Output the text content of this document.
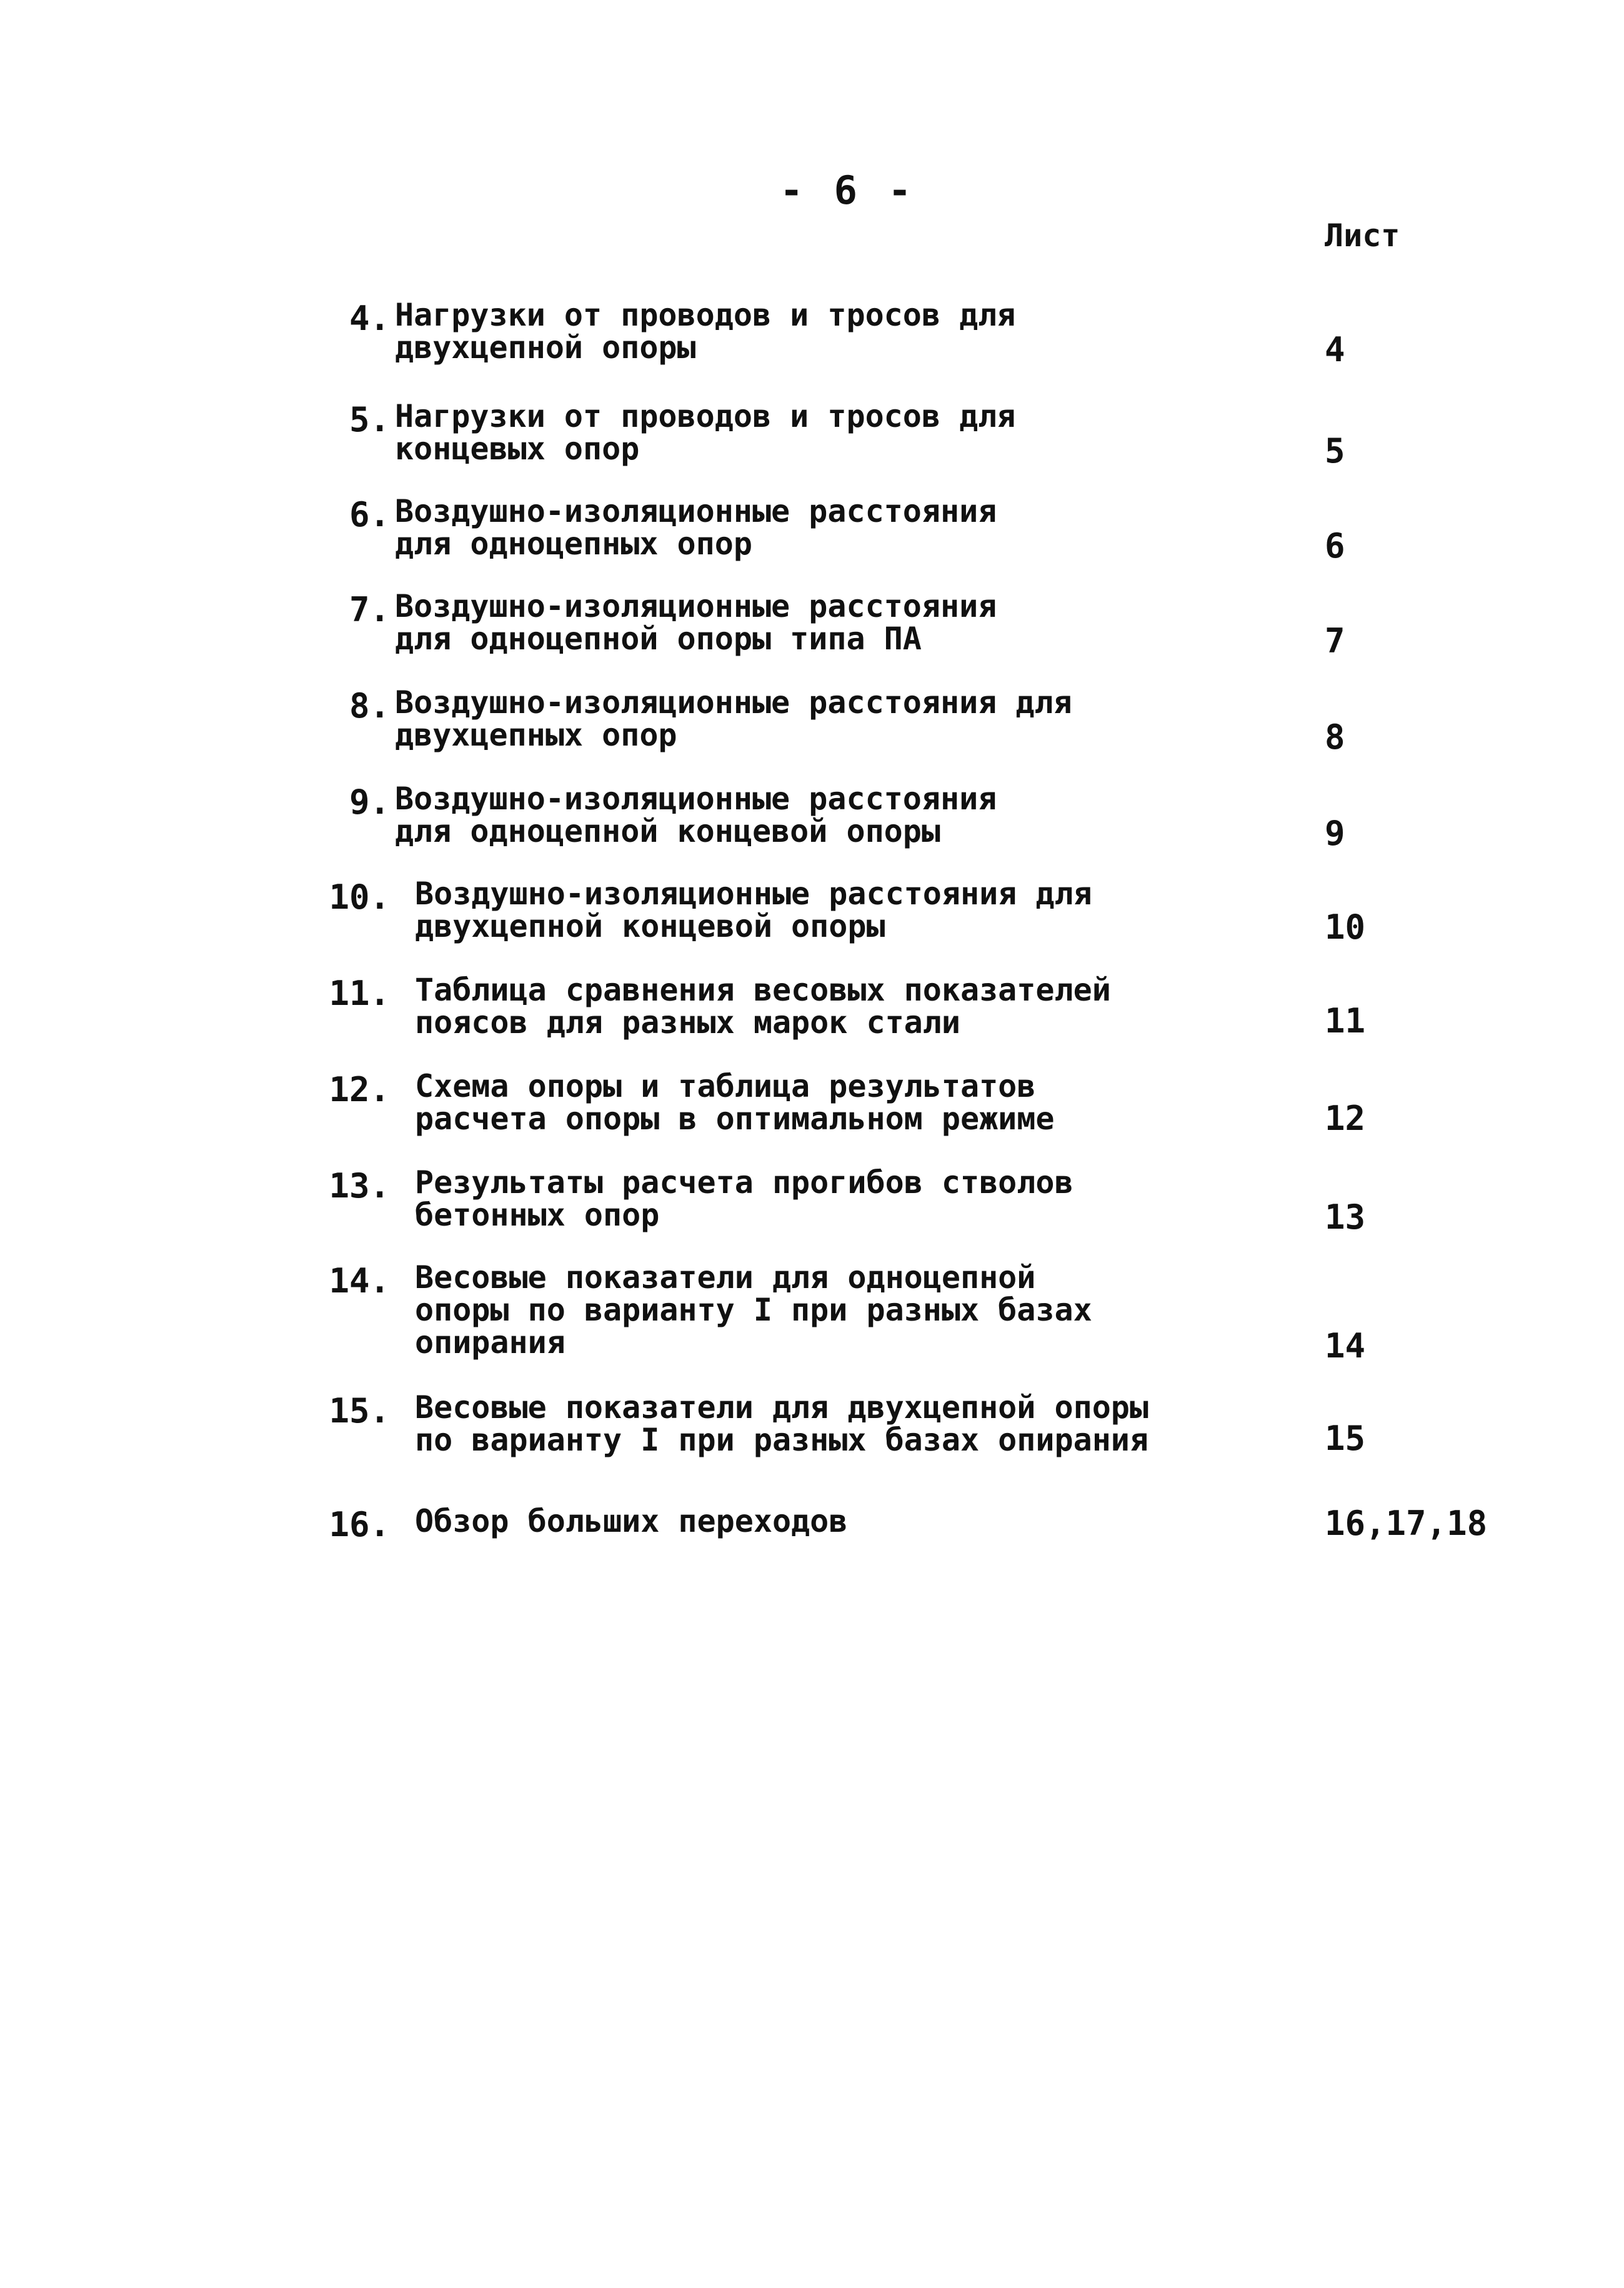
- 6 -
Лист
4. Нагрузки от проводов и тросов для
двухцепной опоры	4
5. Нагрузки от проводов и тросов для
концевых опор	5
6. Воздушно-изоляционные расстояния
для одноцепных опор	6
7. Воздушно-изоляционные расстояния
для одноцепной опоры типа ПА	7
8. Воздушно-изоляционные расстояния для
двухцепных опор	8
9. Воздушно-изоляционные расстояния
для одноцепной концевой опоры	9
10. Воздушно-изоляционные расстояния для
двухцепной концевой опоры	10
11. Таблица сравнения весовых показателей
поясов для разных марок стали	11
12. Схема опоры и таблица результатов
расчета опоры в оптимальном режиме	12
13. Результаты расчета прогибов стволов
бетонных опор	13
14. Весовые показатели для одноцепной
опоры по варианту I при разных базах
опирания	14
15. Весовые показатели для двухцепной опоры
по варианту I при разных базах опирания	15
16. Обзор больших переходов	16,17,18
